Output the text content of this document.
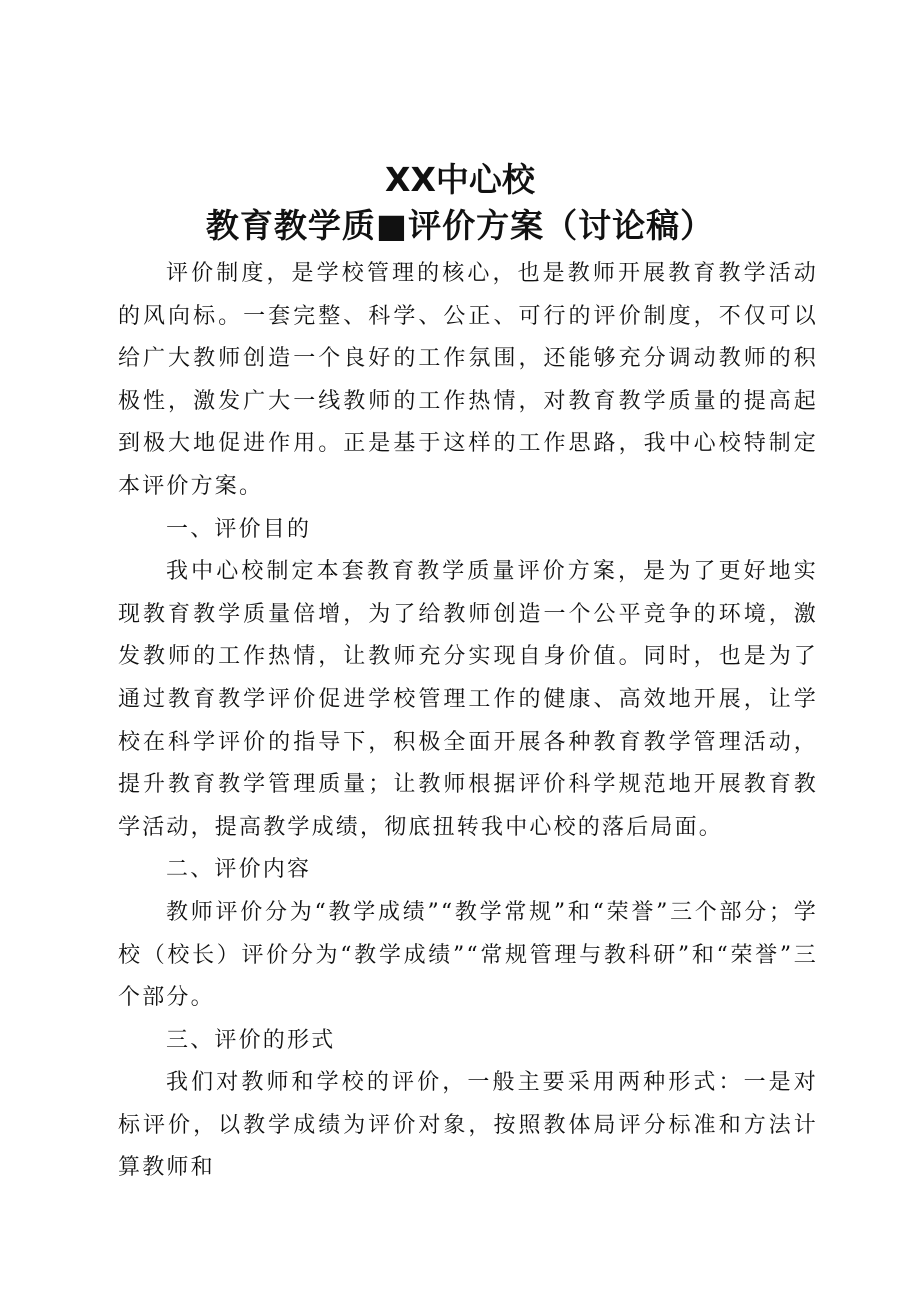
XX中心校
教育教学质■评价方案（讨论稿）

评价制度，是学校管理的核心，也是教师开展教育教学活动的风向标。一套完整、科学、公正、可行的评价制度，不仅可以给广大教师创造一个良好的工作氛围，还能够充分调动教师的积极性，激发广大一线教师的工作热情，对教育教学质量的提高起到极大地促进作用。正是基于这样的工作思路，我中心校特制定本评价方案。

一、评价目的

我中心校制定本套教育教学质量评价方案，是为了更好地实现教育教学质量倍增，为了给教师创造一个公平竞争的环境，激发教师的工作热情，让教师充分实现自身价值。同时，也是为了通过教育教学评价促进学校管理工作的健康、高效地开展，让学校在科学评价的指导下，积极全面开展各种教育教学管理活动，提升教育教学管理质量；让教师根据评价科学规范地开展教育教学活动，提高教学成绩，彻底扭转我中心校的落后局面。

二、评价内容

教师评价分为“教学成绩”“教学常规”和“荣誉”三个部分；学校（校长）评价分为“教学成绩”“常规管理与教科研”和“荣誉”三个部分。

三、评价的形式

我们对教师和学校的评价，一般主要采用两种形式：一是对标评价，以教学成绩为评价对象，按照教体局评分标准和方法计算教师和
